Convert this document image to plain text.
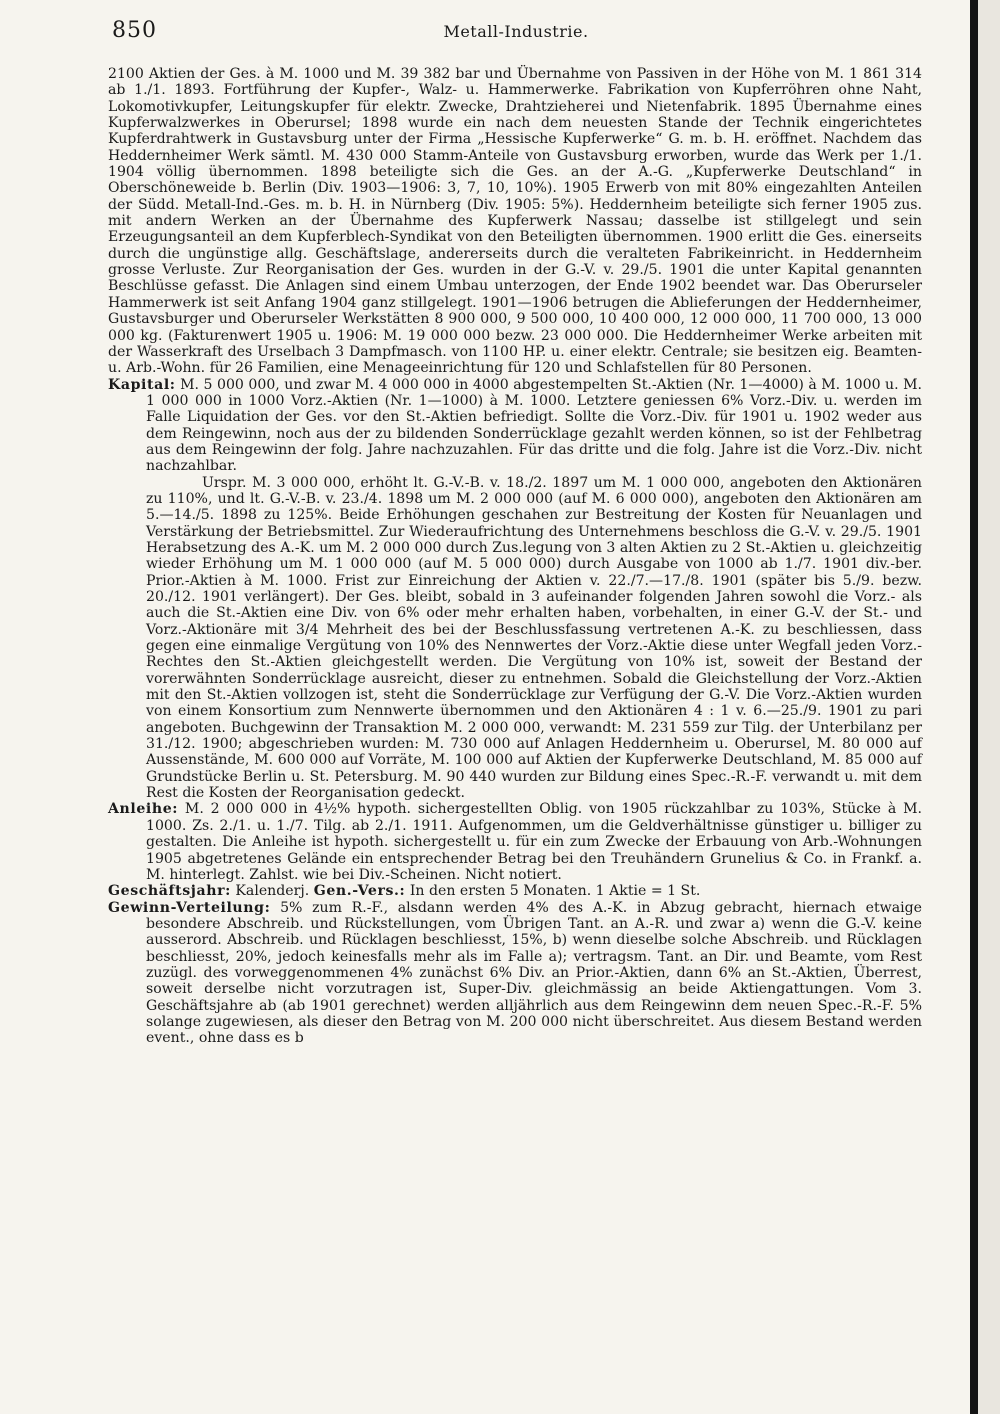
850	Metall-Industrie.

2100 Aktien der Ges. à M. 1000 und M. 39 382 bar und Übernahme von Passiven in der Höhe von M. 1 861 314 ab 1./1. 1893. Fortführung der Kupfer-, Walz- u. Hammerwerke. Fabrikation von Kupferröhren ohne Naht, Lokomotivkupfer, Leitungskupfer für elektr. Zwecke, Drahtzieherei und Nietenfabrik. 1895 Übernahme eines Kupferwalzwerkes in Oberursel; 1898 wurde ein nach dem neuesten Stande der Technik eingerichtetes Kupferdrahtwerk in Gustavsburg unter der Firma „Hessische Kupferwerke“ G. m. b. H. eröffnet. Nachdem das Heddernheimer Werk sämtl. M. 430 000 Stamm-Anteile von Gustavsburg erworben, wurde das Werk per 1./1. 1904 völlig übernommen. 1898 beteiligte sich die Ges. an der A.-G. „Kupferwerke Deutschland“ in Oberschöneweide b. Berlin (Div. 1903—1906: 3, 7, 10, 10%). 1905 Erwerb von mit 80% eingezahlten Anteilen der Südd. Metall-Ind.-Ges. m. b. H. in Nürnberg (Div. 1905: 5%). Heddernheim beteiligte sich ferner 1905 zus. mit andern Werken an der Übernahme des Kupferwerk Nassau; dasselbe ist stillgelegt und sein Erzeugungsanteil an dem Kupferblech-Syndikat von den Beteiligten übernommen. 1900 erlitt die Ges. einerseits durch die ungünstige allg. Geschäftslage, andererseits durch die veralteten Fabrikeinricht. in Heddernheim grosse Verluste. Zur Reorganisation der Ges. wurden in der G.-V. v. 29./5. 1901 die unter Kapital genannten Beschlüsse gefasst. Die Anlagen sind einem Umbau unterzogen, der Ende 1902 beendet war. Das Oberurseler Hammerwerk ist seit Anfang 1904 ganz stillgelegt. 1901—1906 betrugen die Ablieferungen der Heddernheimer, Gustavsburger und Oberurseler Werkstätten 8 900 000, 9 500 000, 10 400 000, 12 000 000, 11 700 000, 13 000 000 kg. (Fakturenwert 1905 u. 1906: M. 19 000 000 bezw. 23 000 000. Die Heddernheimer Werke arbeiten mit der Wasserkraft des Urselbach 3 Dampfmasch. von 1100 HP. u. einer elektr. Centrale; sie besitzen eig. Beamten- u. Arb.-Wohn. für 26 Familien, eine Menageeinrichtung für 120 und Schlafstellen für 80 Personen.

Kapital: M. 5 000 000, und zwar M. 4 000 000 in 4000 abgestempelten St.-Aktien (Nr. 1—4000) à M. 1000 u. M. 1 000 000 in 1000 Vorz.-Aktien (Nr. 1—1000) à M. 1000. Letztere geniessen 6% Vorz.-Div. u. werden im Falle Liquidation der Ges. vor den St.-Aktien befriedigt. Sollte die Vorz.-Div. für 1901 u. 1902 weder aus dem Reingewinn, noch aus der zu bildenden Sonderrücklage gezahlt werden können, so ist der Fehlbetrag aus dem Reingewinn der folg. Jahre nachzuzahlen. Für das dritte und die folg. Jahre ist die Vorz.-Div. nicht nachzahlbar.

Urspr. M. 3 000 000, erhöht lt. G.-V.-B. v. 18./2. 1897 um M. 1 000 000, angeboten den Aktionären zu 110%, und lt. G.-V.-B. v. 23./4. 1898 um M. 2 000 000 (auf M. 6 000 000), angeboten den Aktionären am 5.—14./5. 1898 zu 125%. Beide Erhöhungen geschahen zur Bestreitung der Kosten für Neuanlagen und Verstärkung der Betriebsmittel. Zur Wiederaufrichtung des Unternehmens beschloss die G.-V. v. 29./5. 1901 Herabsetzung des A.-K. um M. 2 000 000 durch Zus.legung von 3 alten Aktien zu 2 St.-Aktien u. gleichzeitig wieder Erhöhung um M. 1 000 000 (auf M. 5 000 000) durch Ausgabe von 1000 ab 1./7. 1901 div.-ber. Prior.-Aktien à M. 1000. Frist zur Einreichung der Aktien v. 22./7.—17./8. 1901 (später bis 5./9. bezw. 20./12. 1901 verlängert). Der Ges. bleibt, sobald in 3 aufeinander folgenden Jahren sowohl die Vorz.- als auch die St.-Aktien eine Div. von 6% oder mehr erhalten haben, vorbehalten, in einer G.-V. der St.- und Vorz.-Aktionäre mit 3/4 Mehrheit des bei der Beschlussfassung vertretenen A.-K. zu beschliessen, dass gegen eine einmalige Vergütung von 10% des Nennwertes der Vorz.-Aktie diese unter Wegfall jeden Vorz.-Rechtes den St.-Aktien gleichgestellt werden. Die Vergütung von 10% ist, soweit der Bestand der vorerwähnten Sonderrücklage ausreicht, dieser zu entnehmen. Sobald die Gleichstellung der Vorz.-Aktien mit den St.-Aktien vollzogen ist, steht die Sonderrücklage zur Verfügung der G.-V. Die Vorz.-Aktien wurden von einem Konsortium zum Nennwerte übernommen und den Aktionären 4 : 1 v. 6.—25./9. 1901 zu pari angeboten. Buchgewinn der Transaktion M. 2 000 000, verwandt: M. 231 559 zur Tilg. der Unterbilanz per 31./12. 1900; abgeschrieben wurden: M. 730 000 auf Anlagen Heddernheim u. Oberursel, M. 80 000 auf Aussenstände, M. 600 000 auf Vorräte, M. 100 000 auf Aktien der Kupferwerke Deutschland, M. 85 000 auf Grundstücke Berlin u. St. Petersburg. M. 90 440 wurden zur Bildung eines Spec.-R.-F. verwandt u. mit dem Rest die Kosten der Reorganisation gedeckt.

Anleihe: M. 2 000 000 in 4½% hypoth. sichergestellten Oblig. von 1905 rückzahlbar zu 103%, Stücke à M. 1000. Zs. 2./1. u. 1./7. Tilg. ab 2./1. 1911. Aufgenommen, um die Geldverhältnisse günstiger u. billiger zu gestalten. Die Anleihe ist hypoth. sichergestellt u. für ein zum Zwecke der Erbauung von Arb.-Wohnungen 1905 abgetretenes Gelände ein entsprechender Betrag bei den Treuhändern Grunelius & Co. in Frankf. a. M. hinterlegt. Zahlst. wie bei Div.-Scheinen. Nicht notiert.

Geschäftsjahr: Kalenderj. Gen.-Vers.: In den ersten 5 Monaten. 1 Aktie = 1 St.

Gewinn-Verteilung: 5% zum R.-F., alsdann werden 4% des A.-K. in Abzug gebracht, hiernach etwaige besondere Abschreib. und Rückstellungen, vom Übrigen Tant. an A.-R. und zwar a) wenn die G.-V. keine ausserord. Abschreib. und Rücklagen beschliesst, 15%, b) wenn dieselbe solche Abschreib. und Rücklagen beschliesst, 20%, jedoch keinesfalls mehr als im Falle a); vertragsm. Tant. an Dir. und Beamte, vom Rest zuzügl. des vorweggenommenen 4% zunächst 6% Div. an Prior.-Aktien, dann 6% an St.-Aktien, Überrest, soweit derselbe nicht vorzutragen ist, Super-Div. gleichmässig an beide Aktiengattungen. Vom 3. Geschäftsjahre ab (ab 1901 gerechnet) werden alljährlich aus dem Reingewinn dem neuen Spec.-R.-F. 5% solange zugewiesen, als dieser den Betrag von M. 200 000 nicht überschreitet. Aus diesem Bestand werden event., ohne dass es b
